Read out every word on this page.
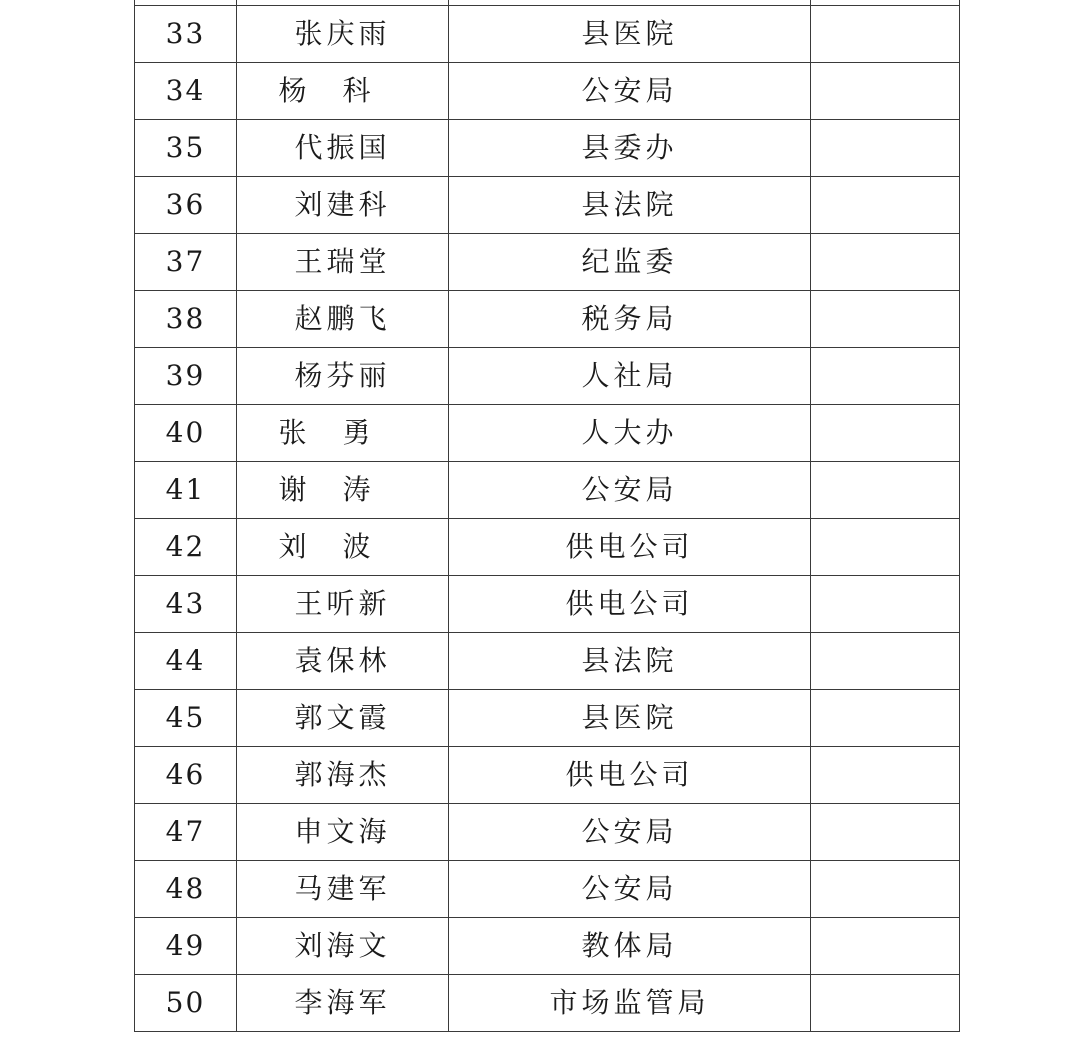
33	张庆雨	县医院	
34	杨科	公安局	
35	代振国	县委办	
36	刘建科	县法院	
37	王瑞堂	纪监委	
38	赵鹏飞	税务局	
39	杨芬丽	人社局	
40	张勇	人大办	
41	谢涛	公安局	
42	刘波	供电公司	
43	王听新	供电公司	
44	袁保林	县法院	
45	郭文霞	县医院	
46	郭海杰	供电公司	
47	申文海	公安局	
48	马建军	公安局	
49	刘海文	教体局	
50	李海军	市场监管局	
